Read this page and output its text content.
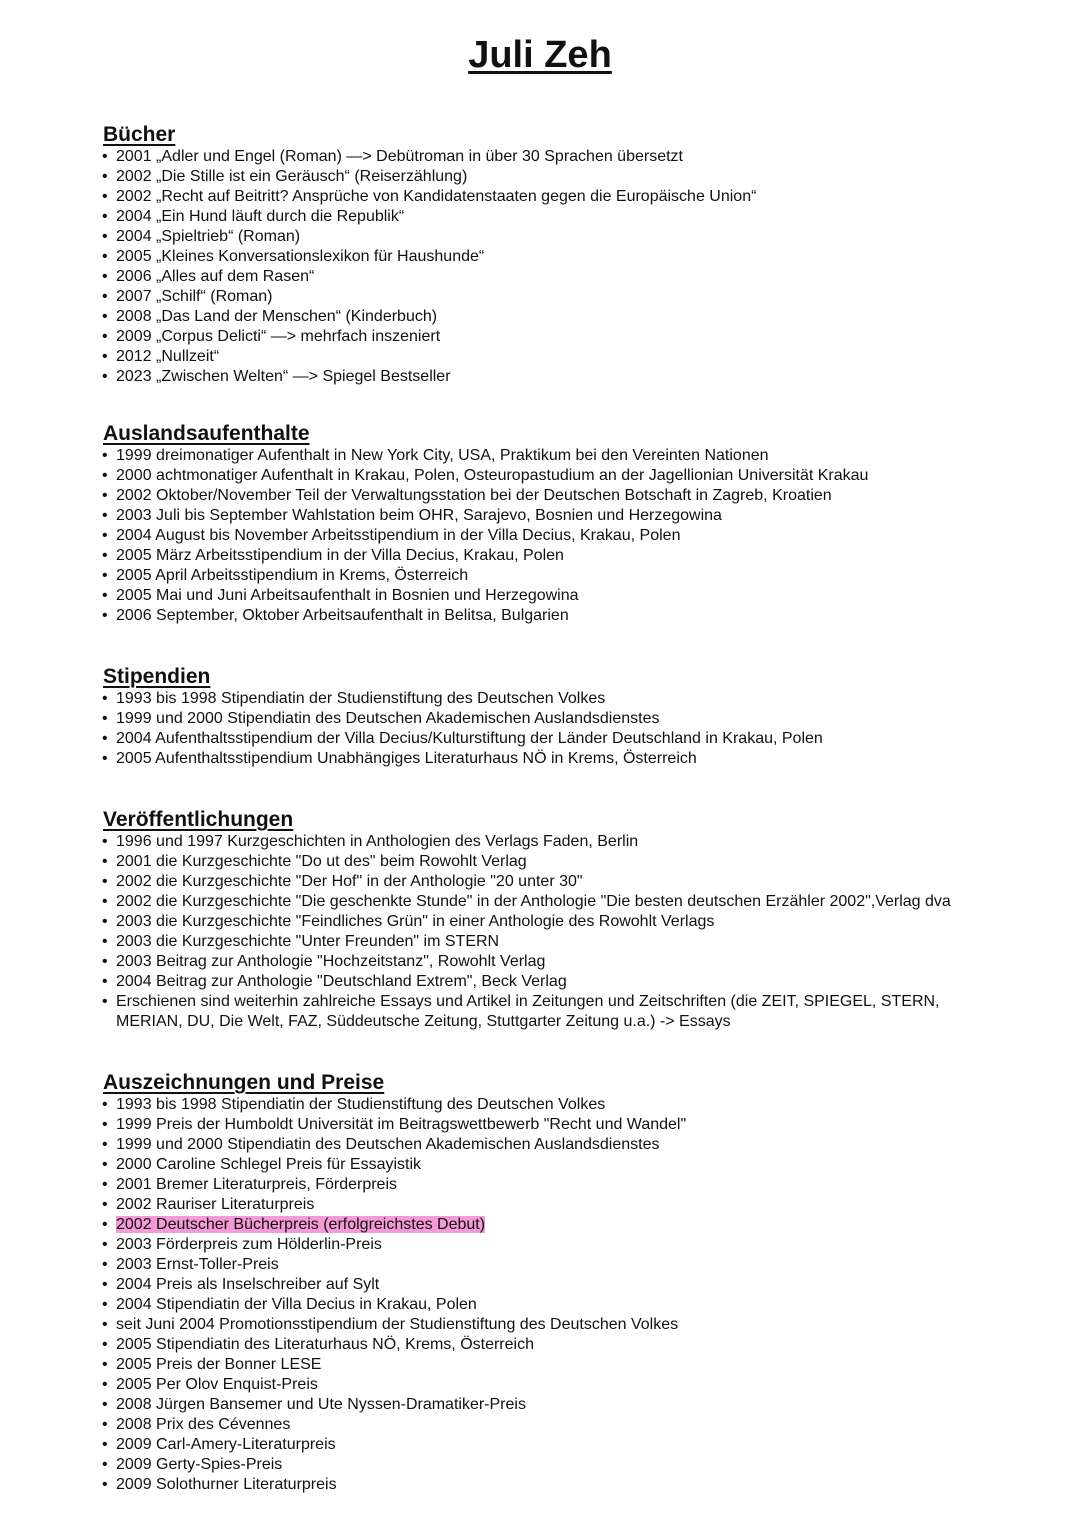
Juli Zeh
Bücher
• 2001 „Adler und Engel (Roman) —> Debütroman in über 30 Sprachen übersetzt
• 2002 „Die Stille ist ein Geräusch“ (Reiserzählung)
• 2002 „Recht auf Beitritt? Ansprüche von Kandidatenstaaten gegen die Europäische Union“
• 2004 „Ein Hund läuft durch die Republik“
• 2004 „Spieltrieb“ (Roman)
• 2005 „Kleines Konversationslexikon für Haushunde“
• 2006 „Alles auf dem Rasen“
• 2007 „Schilf“ (Roman)
• 2008 „Das Land der Menschen“ (Kinderbuch)
• 2009 „Corpus Delicti“ —> mehrfach inszeniert
• 2012 „Nullzeit“
• 2023 „Zwischen Welten“ —> Spiegel Bestseller
Auslandsaufenthalte
• 1999 dreimonatiger Aufenthalt in New York City, USA, Praktikum bei den Vereinten Nationen
• 2000 achtmonatiger Aufenthalt in Krakau, Polen, Osteuropastudium an der Jagellionian Universität Krakau
• 2002 Oktober/November Teil der Verwaltungsstation bei der Deutschen Botschaft in Zagreb, Kroatien
• 2003 Juli bis September Wahlstation beim OHR, Sarajevo, Bosnien und Herzegowina
• 2004 August bis November Arbeitsstipendium in der Villa Decius, Krakau, Polen
• 2005 März Arbeitsstipendium in der Villa Decius, Krakau, Polen
• 2005 April Arbeitsstipendium in Krems, Österreich
• 2005 Mai und Juni Arbeitsaufenthalt in Bosnien und Herzegowina
• 2006 September, Oktober Arbeitsaufenthalt in Belitsa, Bulgarien
Stipendien
• 1993 bis 1998 Stipendiatin der Studienstiftung des Deutschen Volkes
• 1999 und 2000 Stipendiatin des Deutschen Akademischen Auslandsdienstes
• 2004 Aufenthaltsstipendium der Villa Decius/Kulturstiftung der Länder Deutschland in Krakau, Polen
• 2005 Aufenthaltsstipendium Unabhängiges Literaturhaus NÖ in Krems, Österreich
Veröffentlichungen
• 1996 und 1997 Kurzgeschichten in Anthologien des Verlags Faden, Berlin
• 2001 die Kurzgeschichte "Do ut des" beim Rowohlt Verlag
• 2002 die Kurzgeschichte "Der Hof" in der Anthologie "20 unter 30"
• 2002 die Kurzgeschichte "Die geschenkte Stunde" in der Anthologie "Die besten deutschen Erzähler 2002",Verlag dva
• 2003 die Kurzgeschichte "Feindliches Grün" in einer Anthologie des Rowohlt Verlags
• 2003 die Kurzgeschichte "Unter Freunden" im STERN
• 2003 Beitrag zur Anthologie "Hochzeitstanz", Rowohlt Verlag
• 2004 Beitrag zur Anthologie "Deutschland Extrem", Beck Verlag
• Erschienen sind weiterhin zahlreiche Essays und Artikel in Zeitungen und Zeitschriften (die ZEIT, SPIEGEL, STERN, MERIAN, DU, Die Welt, FAZ, Süddeutsche Zeitung, Stuttgarter Zeitung u.a.) -> Essays
Auszeichnungen und Preise
• 1993 bis 1998 Stipendiatin der Studienstiftung des Deutschen Volkes
• 1999 Preis der Humboldt Universität im Beitragswettbewerb "Recht und Wandel"
• 1999 und 2000 Stipendiatin des Deutschen Akademischen Auslandsdienstes
• 2000 Caroline Schlegel Preis für Essayistik
• 2001 Bremer Literaturpreis, Förderpreis
• 2002 Rauriser Literaturpreis
• 2002 Deutscher Bücherpreis (erfolgreichstes Debut)
• 2003 Förderpreis zum Hölderlin-Preis
• 2003 Ernst-Toller-Preis
• 2004 Preis als Inselschreiber auf Sylt
• 2004 Stipendiatin der Villa Decius in Krakau, Polen
• seit Juni 2004 Promotionsstipendium der Studienstiftung des Deutschen Volkes
• 2005 Stipendiatin des Literaturhaus NÖ, Krems, Österreich
• 2005 Preis der Bonner LESE
• 2005 Per Olov Enquist-Preis
• 2008 Jürgen Bansemer und Ute Nyssen-Dramatiker-Preis
• 2008 Prix des Cévennes
• 2009 Carl-Amery-Literaturpreis
• 2009 Gerty-Spies-Preis
• 2009 Solothurner Literaturpreis
